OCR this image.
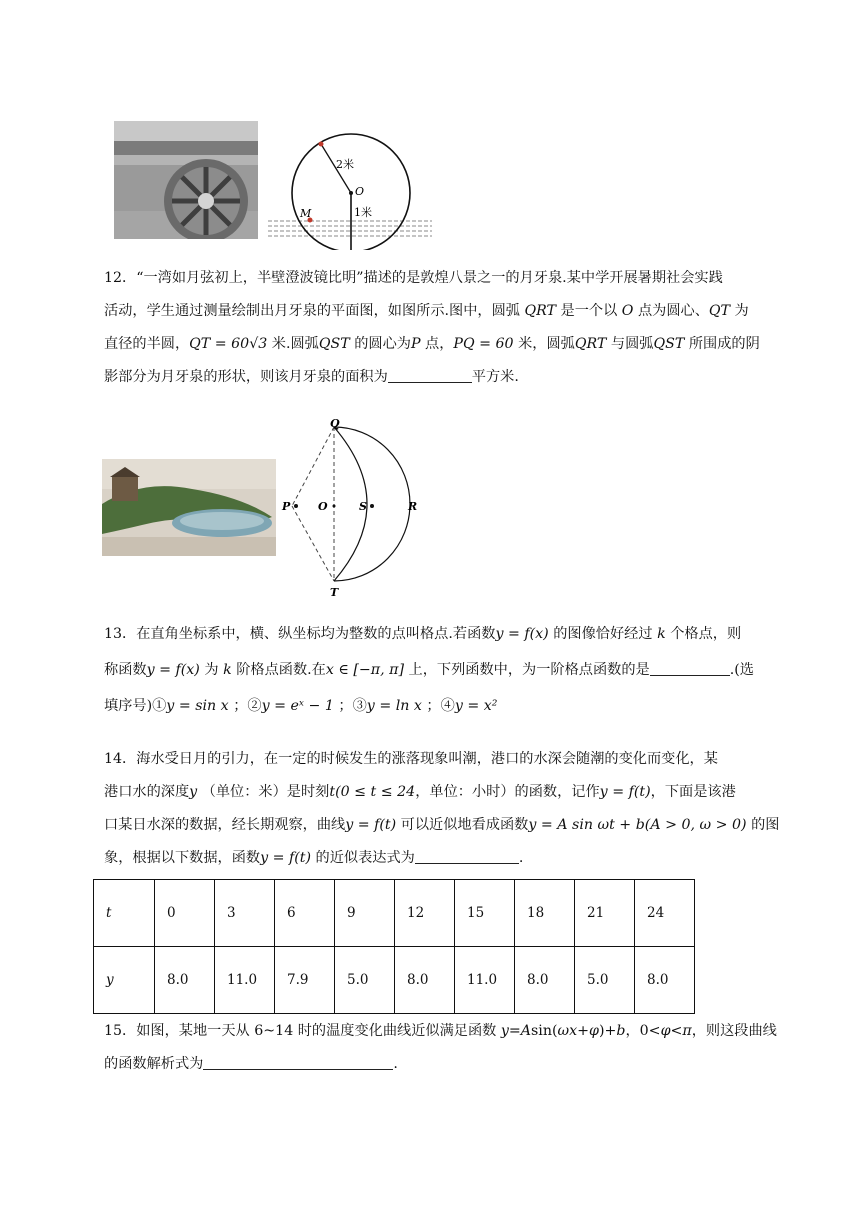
2米
O
1米
M
12．“一湾如月弦初上，半壁澄波镜比明”描述的是敦煌八景之一的月牙泉.某中学开展暑期社会实践
活动，学生通过测量绘制出月牙泉的平面图，如图所示.图中，圆弧 QRT 是一个以 O 点为圆心、QT 为
直径的半圆，QT = 60√3 米.圆弧QST 的圆心为P 点，PQ = 60 米，圆弧QRT 与圆弧QST 所围成的阴
影部分为月牙泉的形状，则该月牙泉的面积为	平方米.
Q
P	O	S	R
T
13．在直角坐标系中，横、纵坐标均为整数的点叫格点.若函数y = f(x) 的图像恰好经过 k 个格点，则
称函数y = f(x) 为 k 阶格点函数.在x ∈ [−π, π] 上，下列函数中，为一阶格点函数的是	.(选
填序号)①y = sin x ；②y = eˣ − 1 ；③y = ln x ；④y = x²
14．海水受日月的引力，在一定的时候发生的涨落现象叫潮，港口的水深会随潮的变化而变化，某
港口水的深度y （单位：米）是时刻t(0 ≤ t ≤ 24，单位：小时）的函数，记作y = f(t)，下面是该港
口某日水深的数据，经长期观察，曲线y = f(t) 可以近似地看成函数y = A sin ωt + b(A > 0, ω > 0) 的图
象，根据以下数据，函数y = f(t) 的近似表达式为	.
t	0	3	6	9	12	15	18	21	24
y	8.0	11.0	7.9	5.0	8.0	11.0	8.0	5.0	8.0
15．如图，某地一天从 6~14 时的温度变化曲线近似满足函数 y=Asin(ωx+φ)+b，0<φ<π，则这段曲线
的函数解析式为	.
